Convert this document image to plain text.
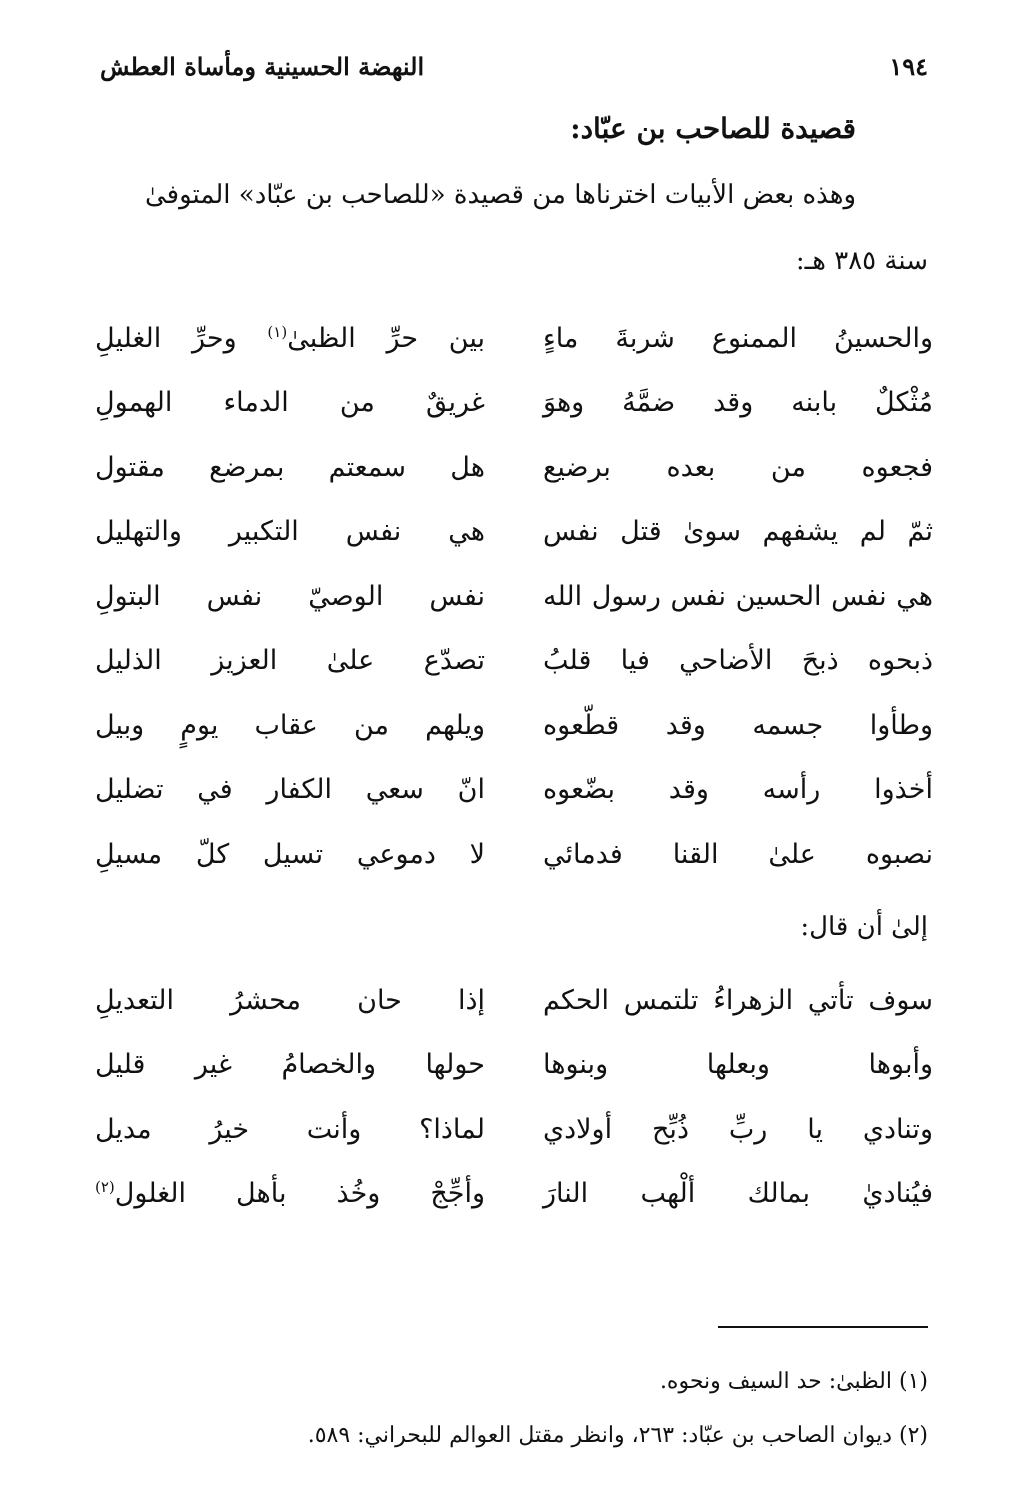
١٩٤
النهضة الحسينية ومأساة العطش
قصيدة للصاحب بن عبّاد:
وهذه بعض الأبيات اخترناها من قصيدة «للصاحب بن عبّاد» المتوفىٰ
سنة ٣٨٥ هـ:
والحسينُ الممنوع شربةَ ماءٍ
بين حرِّ الظبىٰ$^{(١)}$ وحرِّ الغليلِ
مُثْكلٌ بابنه وقد ضمَّهُ وهوَ
غريقٌ من الدماء الهمولِ
فجعوه من بعده برضيع
هل سمعتم بمرضع مقتول
ثمّ لم يشفهم سوىٰ قتل نفس
هي نفس التكبير والتهليل
هي نفس الحسين نفس رسول الله
نفس الوصيّ نفس البتولِ
ذبحوه ذبحَ الأضاحي فيا قلبُ
تصدّع علىٰ العزيز الذليل
وطأوا جسمه وقد قطّعوه
ويلهم من عقاب يومٍ وبيل
أخذوا رأسه وقد بضّعوه
انّ سعي الكفار في تضليل
نصبوه علىٰ القنا فدمائي
لا دموعي تسيل كلّ مسيلِ
إلىٰ أن قال:
سوف تأتي الزهراءُ تلتمس الحكم
إذا حان محشرُ التعديلِ
وأبوها وبعلها وبنوها
حولها والخصامُ غير قليل
وتنادي يا ربِّ ذُبِّح أولادي
لماذا؟ وأنت خيرُ مديل
فيُناديٰ بمالك ألْهب النارَ
وأجِّجْ وخُذ بأهل الغلول$^{(٢)}$
(١) الظبىٰ: حد السيف ونحوه.
(٢) ديوان الصاحب بن عبّاد: ٢٦٣، وانظر مقتل العوالم للبحراني: ٥٨٩.
